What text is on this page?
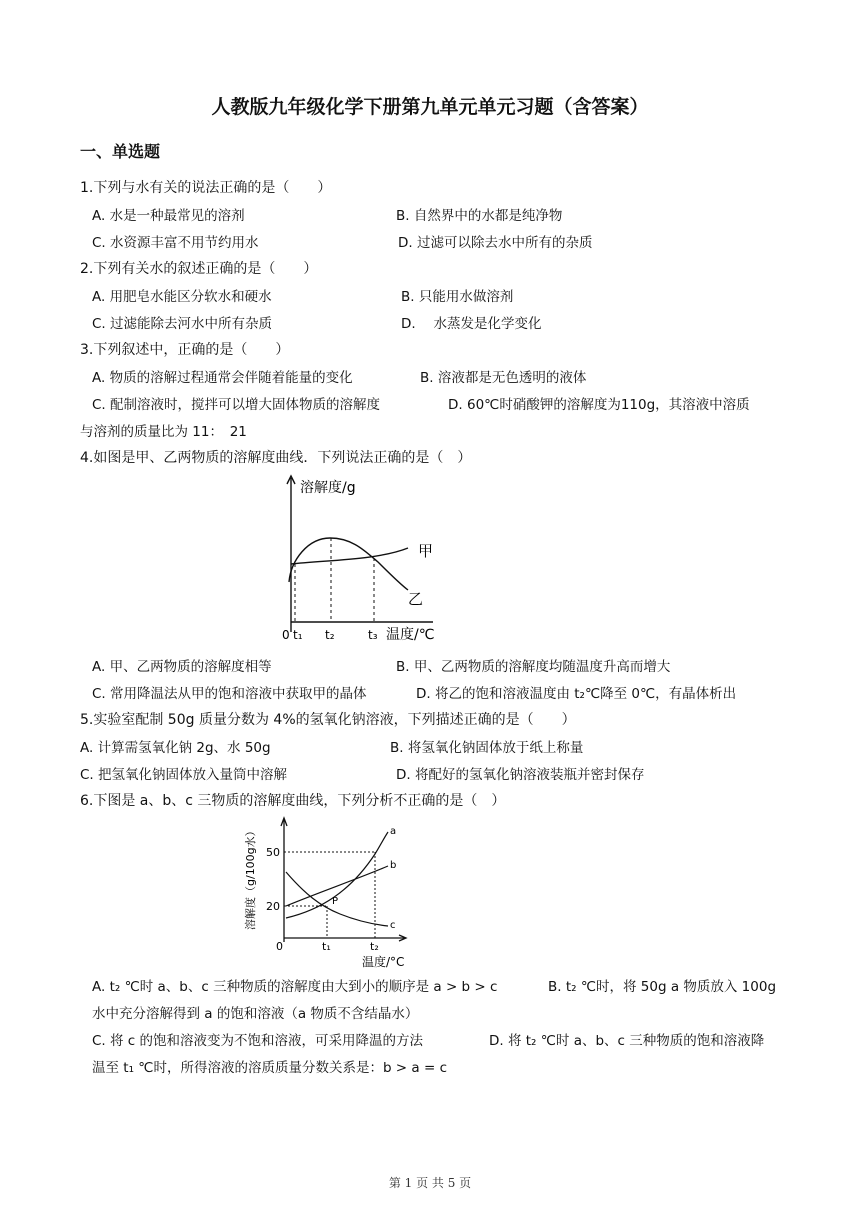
人教版九年级化学下册第九单元单元习题（含答案）
一、单选题
1.下列与水有关的说法正确的是（　　）
A. 水是一种最常见的溶剂	B. 自然界中的水都是纯净物
C. 水资源丰富不用节约用水	D. 过滤可以除去水中所有的杂质
2.下列有关水的叙述正确的是（　　）
A. 用肥皂水能区分软水和硬水	B. 只能用水做溶剂
C. 过滤能除去河水中所有杂质	D.　 水蒸发是化学变化
3.下列叙述中，正确的是（　　）
A. 物质的溶解过程通常会伴随着能量的变化	B. 溶液都是无色透明的液体
C. 配制溶液时，搅拌可以增大固体物质的溶解度	D. 60℃时硝酸钾的溶解度为110g，其溶液中溶质
与溶剂的质量比为 11：　21
4.如图是甲、乙两物质的溶解度曲线．下列说法正确的是（　）
溶解度/g
温度/℃
0 t₁ t₂	t₃
甲
乙
A. 甲、乙两物质的溶解度相等	B. 甲、乙两物质的溶解度均随温度升高而增大
C. 常用降温法从甲的饱和溶液中获取甲的晶体	D. 将乙的饱和溶液温度由 t₂℃降至 0℃，有晶体析出
5.实验室配制 50g 质量分数为 4%的氢氧化钠溶液，下列描述正确的是（　　）
A. 计算需氢氧化钠 2g、水 50g	B. 将氢氧化钠固体放于纸上称量
C. 把氢氧化钠固体放入量筒中溶解	D. 将配好的氢氧化钠溶液装瓶并密封保存
6.下图是 a、b、c 三物质的溶解度曲线，下列分析不正确的是（　）
溶解度（g/100g水） 50
20
0	t₁	t₂
温度/°C
a
b
c
P
A. t₂ ℃时 a、b、c 三种物质的溶解度由大到小的顺序是 a > b > c	B. t₂ ℃时，将 50g a 物质放入 100g
水中充分溶解得到 a 的饱和溶液（a 物质不含结晶水）
C. 将 c 的饱和溶液变为不饱和溶液，可采用降温的方法	D. 将 t₂ ℃时 a、b、c 三种物质的饱和溶液降
温至 t₁ ℃时，所得溶液的溶质质量分数关系是：b > a = c
第 1 页 共 5 页
